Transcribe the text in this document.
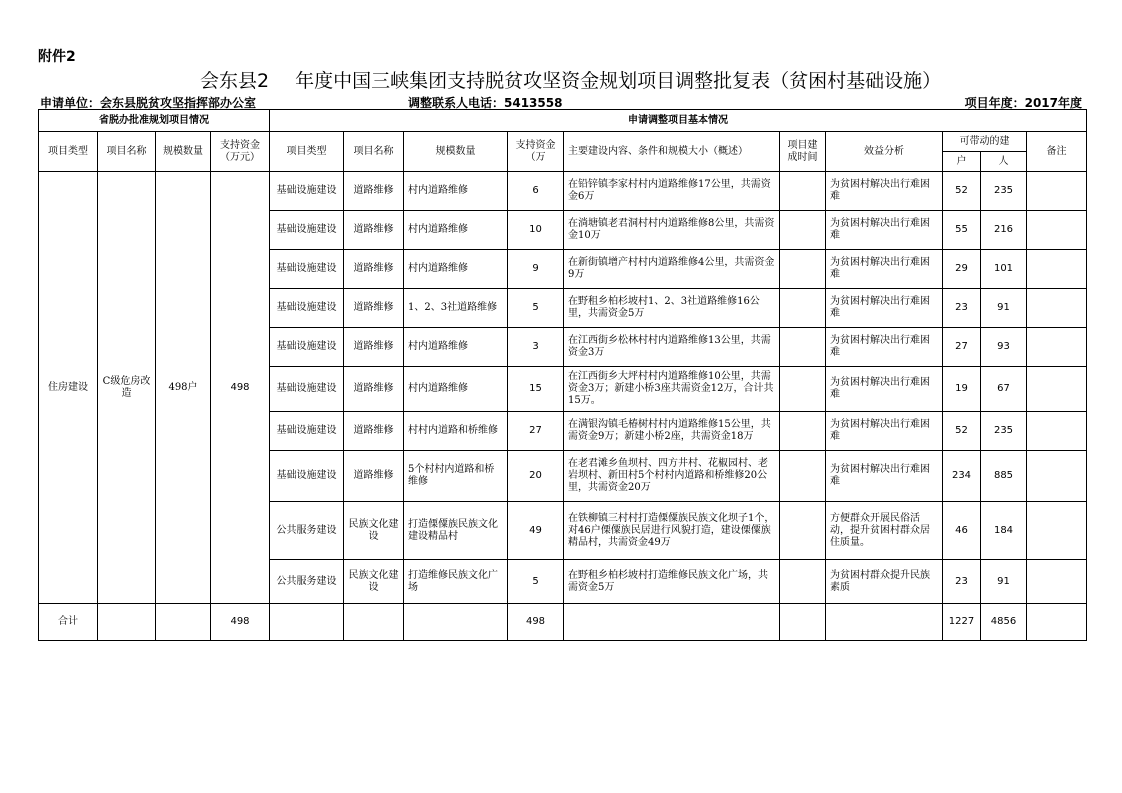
附件2
会东县2 年度中国三峡集团支持脱贫攻坚资金规划项目调整批复表（贫困村基础设施）
申请单位：会东县脱贫攻坚指挥部办公室	调整联系人电话：5413558	项目年度：2017年度
省脱办批准规划项目情况				申请调整项目基本情况									
项目类型	项目名称	规模数量	支持资金（万元）	项目类型	项目名称	规模数量	支持资金（万	主要建设内容、条件和规模大小（概述）	项目建成时间	效益分析	可带动的建		备注
											户	人	
住房建设	C级危房改造	498户	498	基础设施建设	道路维修	村内道路维修	6	在铅锌镇李家村村内道路维修17公里，共需资金6万		为贫困村解决出行难困难	52	235	
				基础设施建设	道路维修	村内道路维修	10	在淌塘镇老君洞村村内道路维修8公里，共需资金10万		为贫困村解决出行难困难	55	216	
				基础设施建设	道路维修	村内道路维修	9	在新街镇增产村村内道路维修4公里，共需资金9万		为贫困村解决出行难困难	29	101	
				基础设施建设	道路维修	1、2、3社道路维修	5	在野租乡柏杉坡村1、2、3社道路维修16公里，共需资金5万		为贫困村解决出行难困难	23	91	
				基础设施建设	道路维修	村内道路维修	3	在江西街乡松林村村内道路维修13公里，共需资金3万		为贫困村解决出行难困难	27	93	
				基础设施建设	道路维修	村内道路维修	15	在江西街乡大坪村村内道路维修10公里，共需资金3万；新建小桥3座共需资金12万，合计共15万。		为贫困村解决出行难困难	19	67	
				基础设施建设	道路维修	村村内道路和桥维修	27	在满银沟镇毛椿树村村内道路维修15公里，共需资金9万；新建小桥2座，共需资金18万		为贫困村解决出行难困难	52	235	
				基础设施建设	道路维修	5个村村内道路和桥维修	20	在老君滩乡鱼坝村、四方井村、花椒园村、老岩坝村、新田村5个村村内道路和桥维修20公里，共需资金20万		为贫困村解决出行难困难	234	885	
				公共服务建设	民族文化建设	打造傈僳族民族文化建设精品村	49	在铁柳镇三村村打造傈僳族民族文化坝子1个，对46户傈僳族民居进行风貌打造，建设傈僳族精品村，共需资金49万		方便群众开展民俗活动，提升贫困村群众居住质量。	46	184	
				公共服务建设	民族文化建设	打造维修民族文化广场	5	在野租乡柏杉坡村打造维修民族文化广场，共需资金5万		为贫困村群众提升民族素质	23	91	
合计			498				498				1227	4856	
